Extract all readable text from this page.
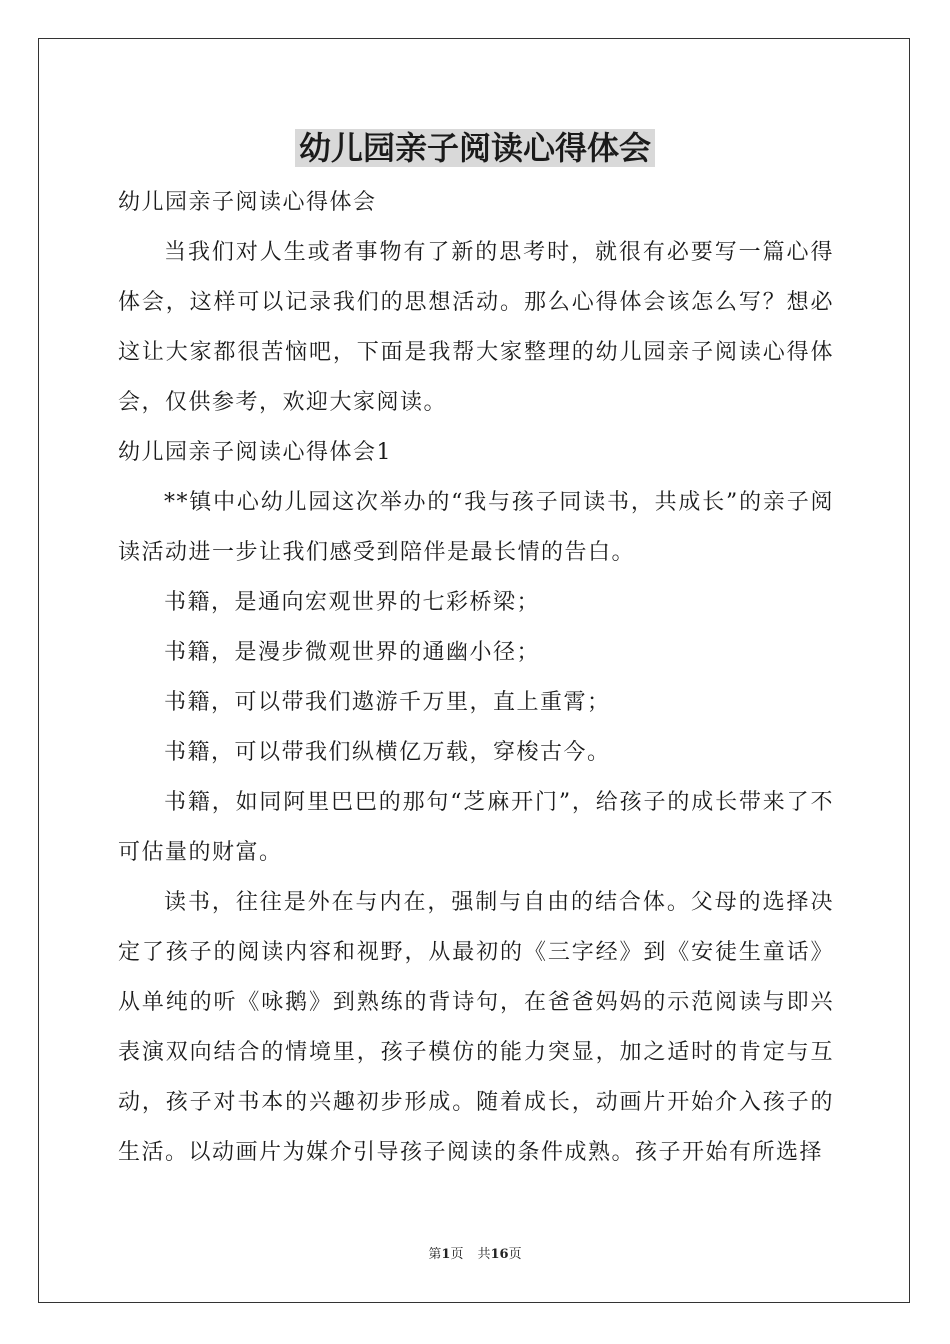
幼儿园亲子阅读心得体会

幼儿园亲子阅读心得体会

当我们对人生或者事物有了新的思考时，就很有必要写一篇心得体会，这样可以记录我们的思想活动。那么心得体会该怎么写？想必这让大家都很苦恼吧，下面是我帮大家整理的幼儿园亲子阅读心得体会，仅供参考，欢迎大家阅读。

幼儿园亲子阅读心得体会1

**镇中心幼儿园这次举办的“我与孩子同读书，共成长”的亲子阅读活动进一步让我们感受到陪伴是最长情的告白。

书籍，是通向宏观世界的七彩桥梁；

书籍，是漫步微观世界的通幽小径；

书籍，可以带我们遨游千万里，直上重霄；

书籍，可以带我们纵横亿万载，穿梭古今。

书籍，如同阿里巴巴的那句“芝麻开门”，给孩子的成长带来了不可估量的财富。

读书，往往是外在与内在，强制与自由的结合体。父母的选择决定了孩子的阅读内容和视野，从最初的《三字经》到《安徒生童话》从单纯的听《咏鹅》到熟练的背诗句，在爸爸妈妈的示范阅读与即兴表演双向结合的情境里，孩子模仿的能力突显，加之适时的肯定与互动，孩子对书本的兴趣初步形成。随着成长，动画片开始介入孩子的生活。以动画片为媒介引导孩子阅读的条件成熟。孩子开始有所选择

第1页 共16页
